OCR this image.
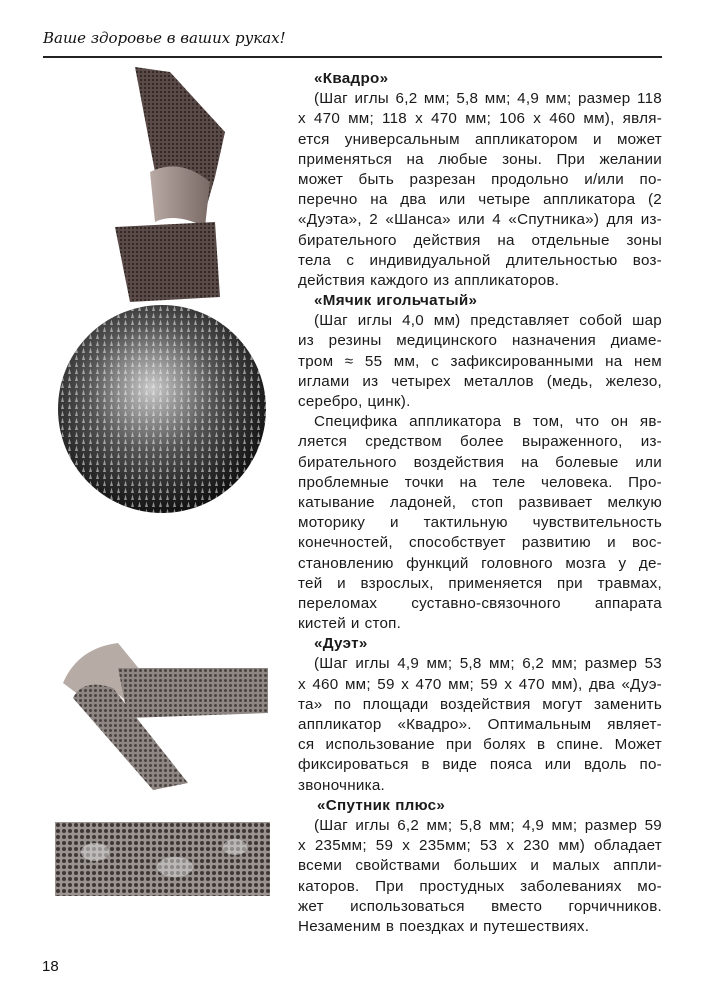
Ваше здоровье в ваших руках!
«Квадро»
(Шаг иглы 6,2 мм; 5,8 мм; 4,9 мм; размер 118
х 470 мм; 118 х 470 мм; 106 х 460 мм), явля-
ется универсальным аппликатором и может
применяться на любые зоны. При желании
может быть разрезан продольно и/или по-
перечно на два или четыре аппликатора (2
«Дуэта», 2 «Шанса» или 4 «Спутника») для из-
бирательного действия на отдельные зоны
тела с индивидуальной длительностью воз-
действия каждого из аппликаторов.
«Мячик игольчатый»
(Шаг иглы 4,0 мм) представляет собой шар
из резины медицинского назначения диаме-
тром ≈ 55 мм, с зафиксированными на нем
иглами из четырех металлов (медь, железо,
серебро, цинк).
Специфика аппликатора в том, что он яв-
ляется средством более выраженного, из-
бирательного воздействия на болевые или
проблемные точки на теле человека. Про-
катывание ладоней, стоп развивает мелкую
моторику и тактильную чувствительность
конечностей, способствует развитию и вос-
становлению функций головного мозга у де-
тей и взрослых, применяется при травмах,
переломах суставно-связочного аппарата
кистей и стоп.
«Дуэт»
(Шаг иглы 4,9 мм; 5,8 мм; 6,2 мм; размер 53
х 460 мм; 59 х 470 мм; 59 х 470 мм), два «Дуэ-
та» по площади воздействия могут заменить
аппликатор «Квадро». Оптимальным являет-
ся использование при болях в спине. Может
фиксироваться в виде пояса или вдоль по-
звоночника.
«Спутник плюс»
(Шаг иглы 6,2 мм; 5,8 мм; 4,9 мм; размер 59
х 235мм; 59 х 235мм; 53 х 230 мм) обладает
всеми свойствами больших и малых аппли-
каторов. При простудных заболеваниях мо-
жет использоваться вместо горчичников.
Незаменим в поездках и путешествиях.
18
